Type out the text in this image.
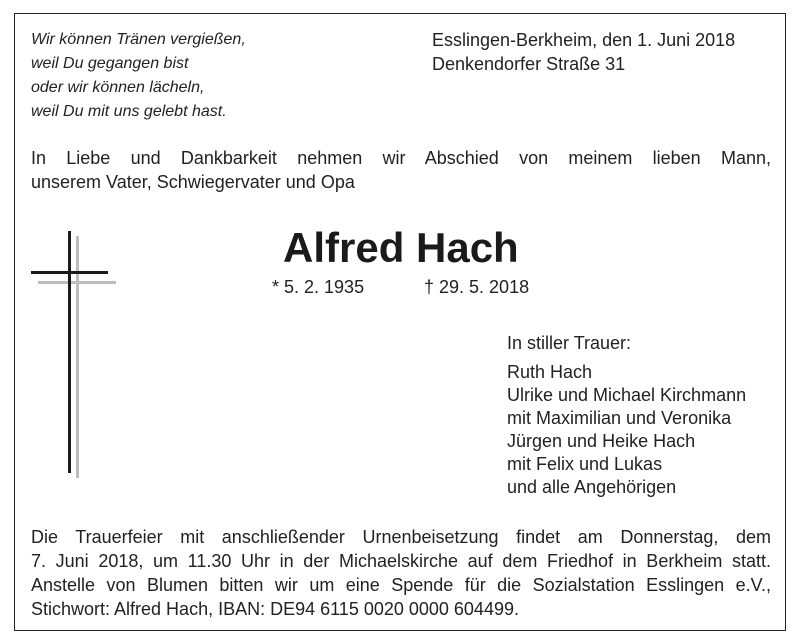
Wir können Tränen vergießen,
weil Du gegangen bist
oder wir können lächeln,
weil Du mit uns gelebt hast.
Esslingen-Berkheim, den 1. Juni 2018
Denkendorfer Straße 31
In Liebe und Dankbarkeit nehmen wir Abschied von meinem lieben Mann,
unserem Vater, Schwiegervater und Opa
Alfred Hach
* 5. 2. 1935	† 29. 5. 2018
In stiller Trauer:
Ruth Hach
Ulrike und Michael Kirchmann
mit Maximilian und Veronika
Jürgen und Heike Hach
mit Felix und Lukas
und alle Angehörigen
Die Trauerfeier mit anschließender Urnenbeisetzung findet am Donnerstag, dem
7. Juni 2018, um 11.30 Uhr in der Michaelskirche auf dem Friedhof in Berkheim statt.
Anstelle von Blumen bitten wir um eine Spende für die Sozialstation Esslingen e.V.,
Stichwort: Alfred Hach, IBAN: DE94 6115 0020 0000 604499.
